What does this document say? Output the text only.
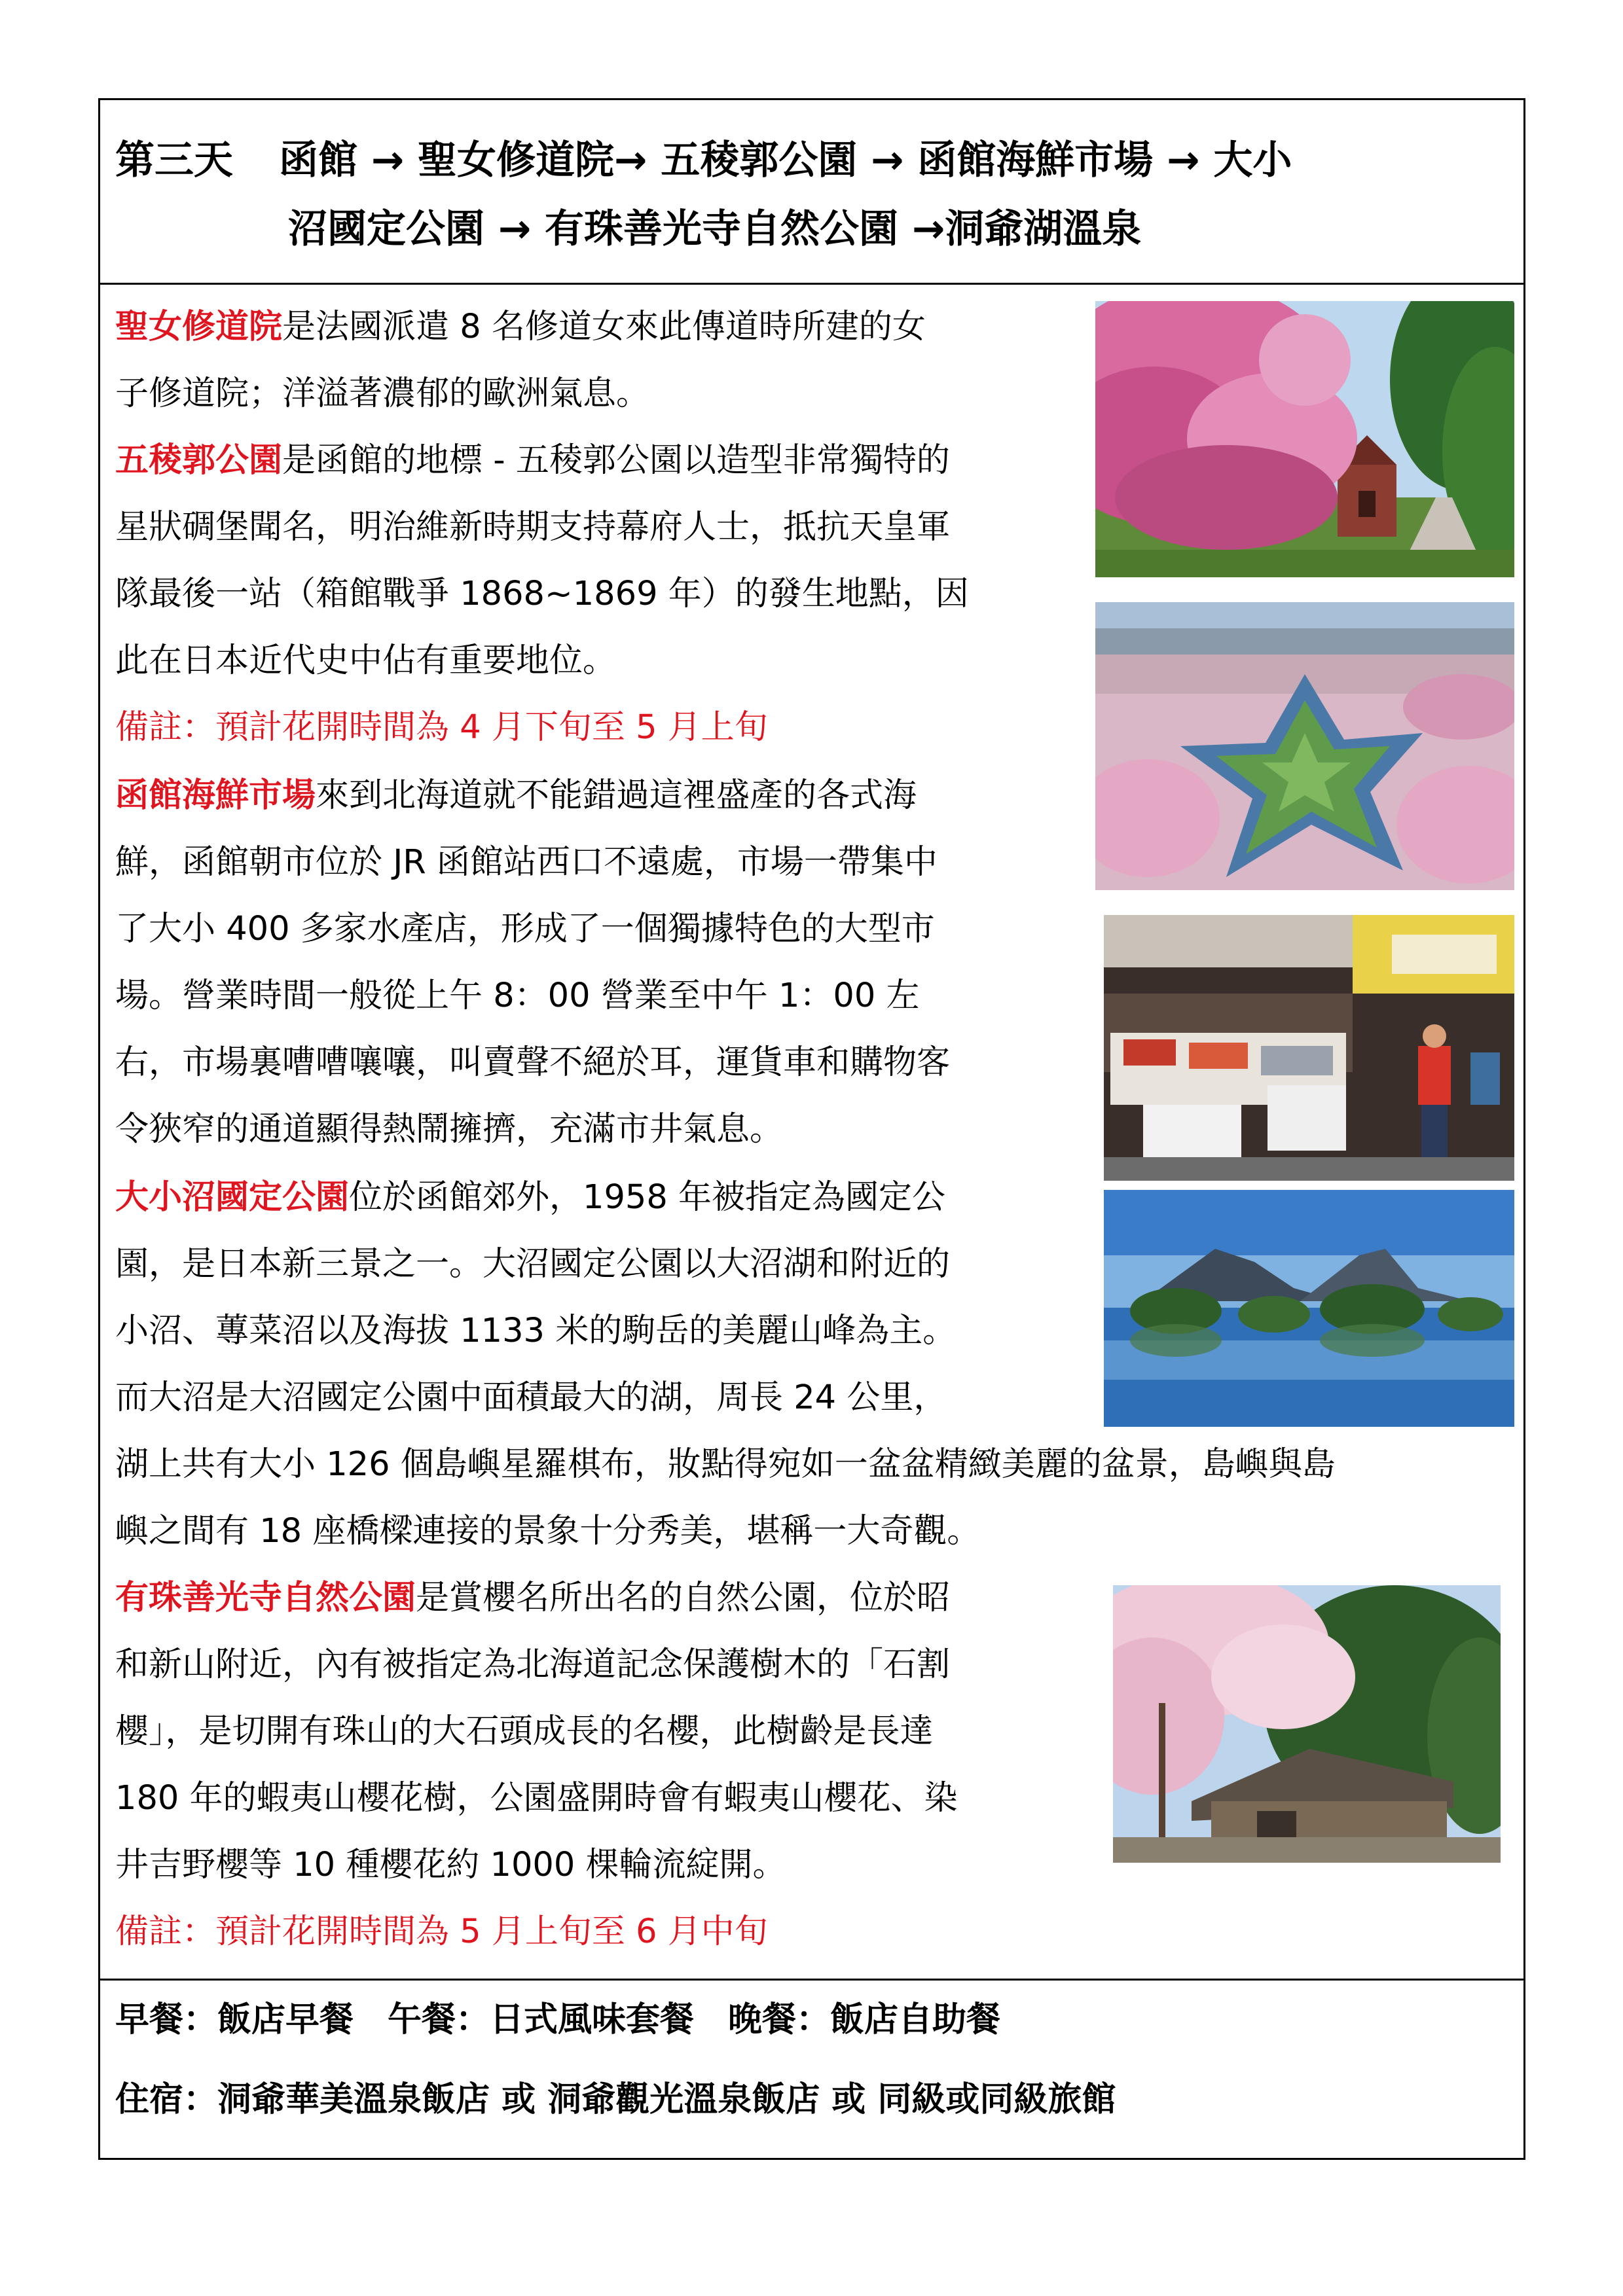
第三天 函館 → 聖女修道院→ 五稜郭公園 → 函館海鮮市場 → 大小
沼國定公園 → 有珠善光寺自然公園 →洞爺湖溫泉
聖女修道院是法國派遣 8 名修道女來此傳道時所建的女
子修道院；洋溢著濃郁的歐洲氣息。
五稜郭公園是函館的地標 - 五稜郭公園以造型非常獨特的
星狀碉堡聞名，明治維新時期支持幕府人士，抵抗天皇軍
隊最後一站（箱館戰爭 1868~1869 年）的發生地點，因
此在日本近代史中佔有重要地位。
備註：預計花開時間為 4 月下旬至 5 月上旬
函館海鮮市場來到北海道就不能錯過這裡盛產的各式海
鮮，函館朝市位於 JR 函館站西口不遠處，市場一帶集中
了大小 400 多家水產店，形成了一個獨據特色的大型市
場。營業時間一般從上午 8：00 營業至中午 1：00 左
右，市場裏嘈嘈嚷嚷，叫賣聲不絕於耳，運貨車和購物客
令狹窄的通道顯得熱鬧擁擠，充滿市井氣息。
大小沼國定公園位於函館郊外，1958 年被指定為國定公
園，是日本新三景之一。大沼國定公園以大沼湖和附近的
小沼、蓴菜沼以及海拔 1133 米的駒岳的美麗山峰為主。
而大沼是大沼國定公園中面積最大的湖，周長 24 公里，
湖上共有大小 126 個島嶼星羅棋布，妝點得宛如一盆盆精緻美麗的盆景，島嶼與島
嶼之間有 18 座橋樑連接的景象十分秀美，堪稱一大奇觀。
有珠善光寺自然公園是賞櫻名所出名的自然公園，位於昭
和新山附近，內有被指定為北海道記念保護樹木的「石割
櫻」，是切開有珠山的大石頭成長的名櫻，此樹齡是長達
180 年的蝦夷山櫻花樹，公園盛開時會有蝦夷山櫻花、染
井吉野櫻等 10 種櫻花約 1000 棵輪流綻開。
備註：預計花開時間為 5 月上旬至 6 月中旬
早餐：飯店早餐　午餐：日式風味套餐　晚餐：飯店自助餐
住宿：洞爺華美溫泉飯店 或 洞爺觀光溫泉飯店 或 同級或同級旅館
